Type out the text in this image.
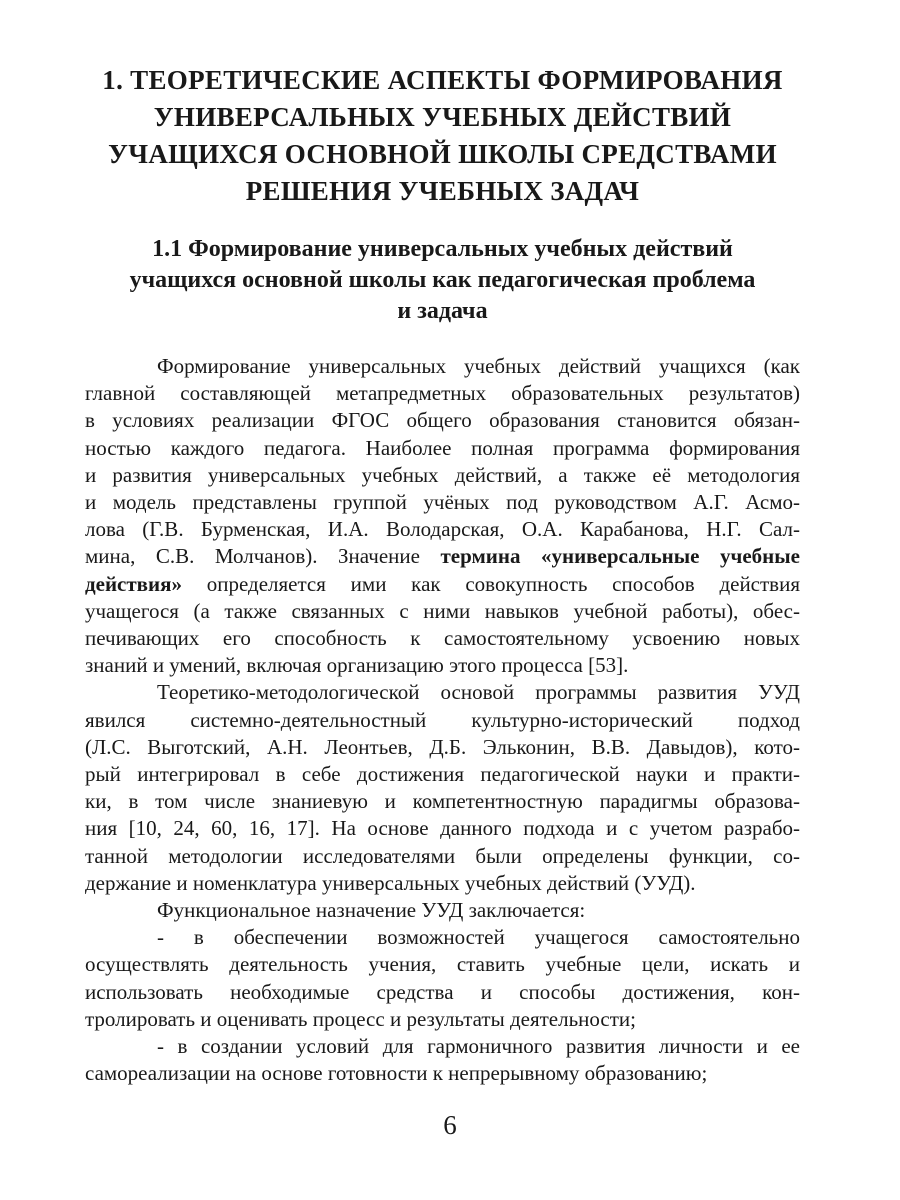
1. ТЕОРЕТИЧЕСКИЕ АСПЕКТЫ ФОРМИРОВАНИЯ
УНИВЕРСАЛЬНЫХ УЧЕБНЫХ ДЕЙСТВИЙ
УЧАЩИХСЯ ОСНОВНОЙ ШКОЛЫ СРЕДСТВАМИ
РЕШЕНИЯ УЧЕБНЫХ ЗАДАЧ
1.1 Формирование универсальных учебных действий
учащихся основной школы как педагогическая проблема
и задача
Формирование универсальных учебных действий учащихся (как
главной составляющей метапредметных образовательных результатов)
в условиях реализации ФГОС общего образования становится обязан-
ностью каждого педагога. Наиболее полная программа формирования
и развития универсальных учебных действий, а также её методология
и модель представлены группой учёных под руководством А.Г. Асмо-
лова (Г.В. Бурменская, И.А. Володарская, О.А. Карабанова, Н.Г. Сал-
мина, С.В. Молчанов). Значение термина «универсальные учебные
действия» определяется ими как совокупность способов действия
учащегося (а также связанных с ними навыков учебной работы), обес-
печивающих его способность к самостоятельному усвоению новых
знаний и умений, включая организацию этого процесса [53].
Теоретико-методологической основой программы развития УУД
явился системно-деятельностный культурно-исторический подход
(Л.С. Выготский, А.Н. Леонтьев, Д.Б. Эльконин, В.В. Давыдов), кото-
рый интегрировал в себе достижения педагогической науки и практи-
ки, в том числе знаниевую и компетентностную парадигмы образова-
ния [10, 24, 60, 16, 17]. На основе данного подхода и с учетом разрабо-
танной методологии исследователями были определены функции, со-
держание и номенклатура универсальных учебных действий (УУД).
Функциональное назначение УУД заключается:
- в обеспечении возможностей учащегося самостоятельно
осуществлять деятельность учения, ставить учебные цели, искать и
использовать необходимые средства и способы достижения, кон-
тролировать и оценивать процесс и результаты деятельности;
- в создании условий для гармоничного развития личности и ее
самореализации на основе готовности к непрерывному образованию;
6
